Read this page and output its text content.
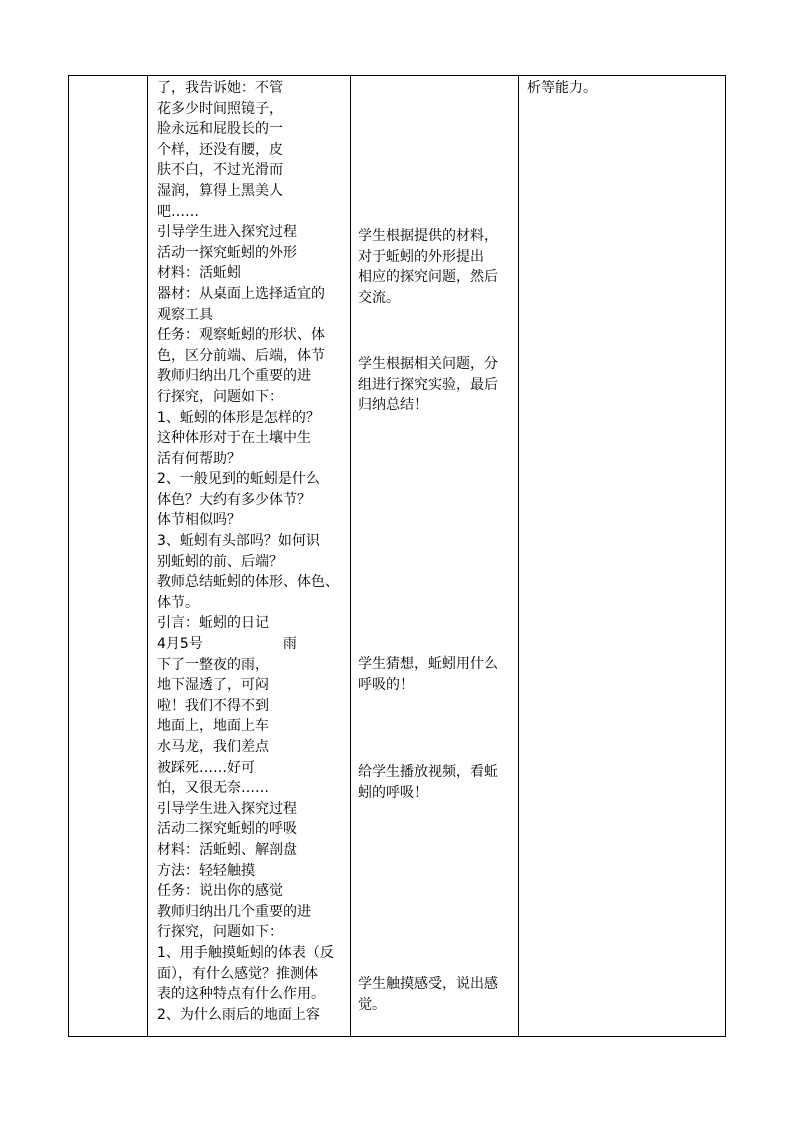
了，我告诉她：不管
花多少时间照镜子，
脸永远和屁股长的一
个样，还没有腰，皮
肤不白，不过光滑而
湿润，算得上黑美人
吧……
引导学生进入探究过程
活动一探究蚯蚓的外形
材料：活蚯蚓
器材：从桌面上选择适宜的
观察工具
任务：观察蚯蚓的形状、体
色，区分前端、后端，体节
教师归纳出几个重要的进
行探究，问题如下：
1、蚯蚓的体形是怎样的？
这种体形对于在土壤中生
活有何帮助？
2、一般见到的蚯蚓是什么
体色？大约有多少体节？
体节相似吗？
3、蚯蚓有头部吗？如何识
别蚯蚓的前、后端？
教师总结蚯蚓的体形、体色、
体节。
引言：蚯蚓的日记
4月5号                  雨
下了一整夜的雨，
地下湿透了，可闷
啦！我们不得不到
地面上，地面上车
水马龙，我们差点
被踩死……好可
怕，又很无奈……
引导学生进入探究过程
活动二探究蚯蚓的呼吸
材料：活蚯蚓、解剖盘
方法：轻轻触摸
任务：说出你的感觉
教师归纳出几个重要的进
行探究，问题如下：
1、用手触摸蚯蚓的体表（反
面），有什么感觉？推测体
表的这种特点有什么作用。
2、为什么雨后的地面上容
学生根据提供的材料，
对于蚯蚓的外形提出
相应的探究问题，然后
交流。
学生根据相关问题，分
组进行探究实验，最后
归纳总结！
学生猜想，蚯蚓用什么
呼吸的！
给学生播放视频，看蚯
蚓的呼吸！
学生触摸感受，说出感
觉。
析等能力。
